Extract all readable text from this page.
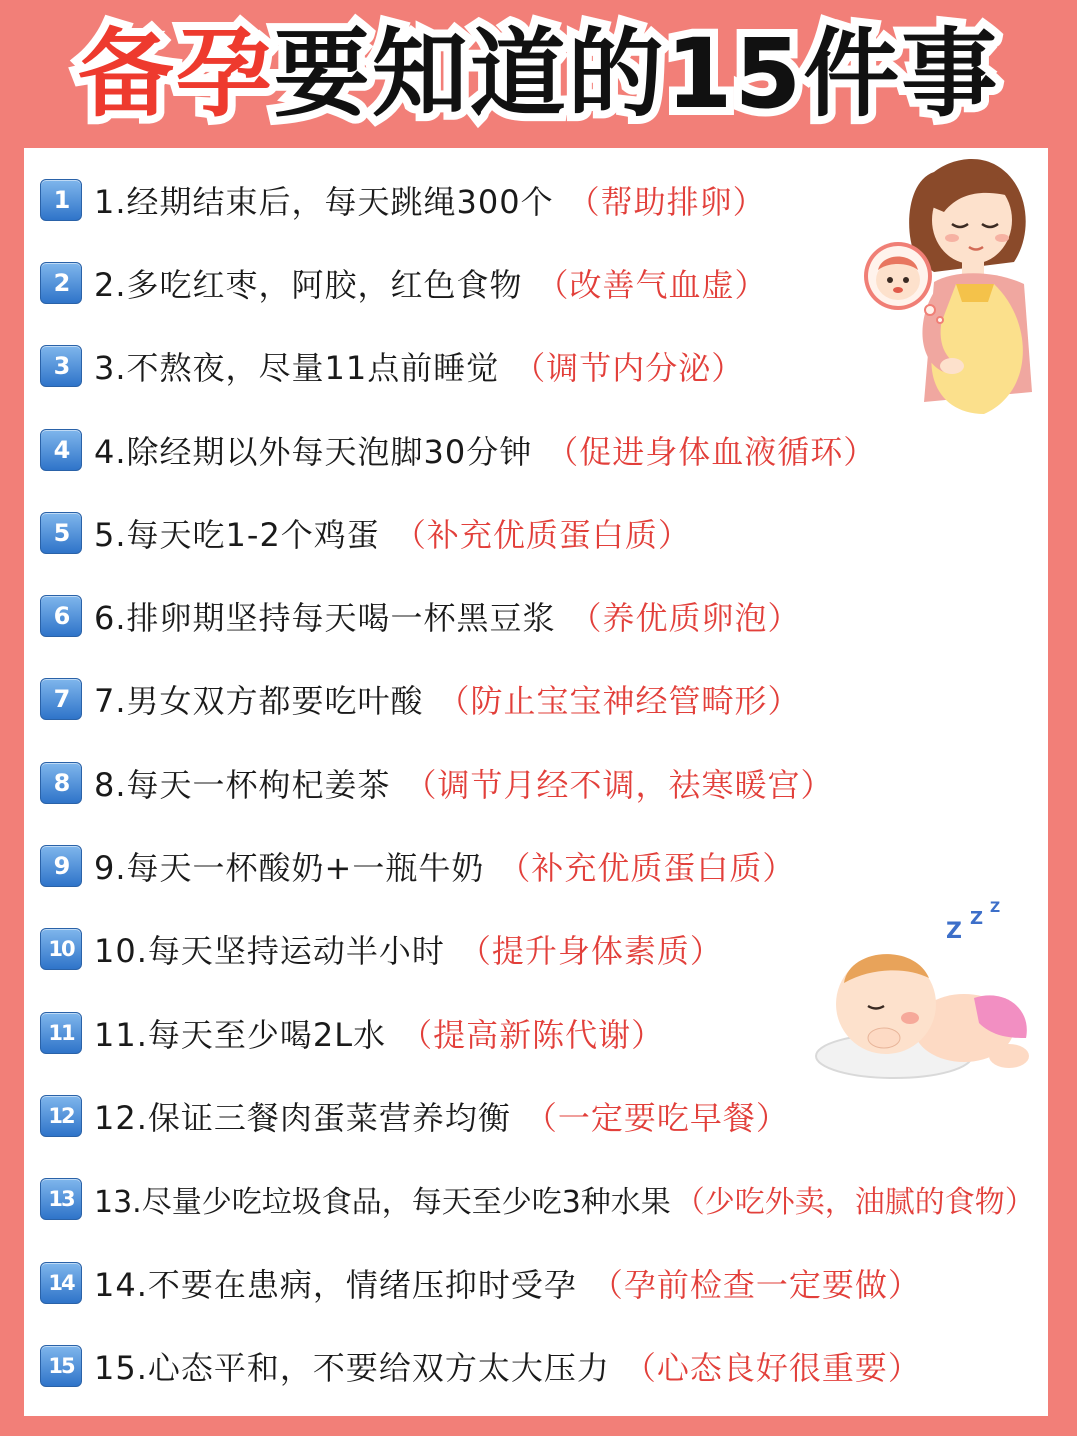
备孕要知道的15件事
1 1.经期结束后，每天跳绳300个 （帮助排卵）
2 2.多吃红枣，阿胶，红色食物 （改善气血虚）
3 3.不熬夜，尽量11点前睡觉 （调节内分泌）
4 4.除经期以外每天泡脚30分钟 （促进身体血液循环）
5 5.每天吃1-2个鸡蛋 （补充优质蛋白质）
6 6.排卵期坚持每天喝一杯黑豆浆 （养优质卵泡）
7 7.男女双方都要吃叶酸 （防止宝宝神经管畸形）
8 8.每天一杯枸杞姜茶 （调节月经不调，祛寒暖宫）
9 9.每天一杯酸奶+一瓶牛奶 （补充优质蛋白质）
10 10.每天坚持运动半小时 （提升身体素质）
11 11.每天至少喝2L水 （提高新陈代谢）
12 12.保证三餐肉蛋菜营养均衡 （一定要吃早餐）
13 13.尽量少吃垃圾食品，每天至少吃3种水果 （少吃外卖，油腻的食物）
14 14.不要在患病，情绪压抑时受孕 （孕前检查一定要做）
15 15.心态平和，不要给双方太大压力 （心态良好很重要）
Z
Z Z
